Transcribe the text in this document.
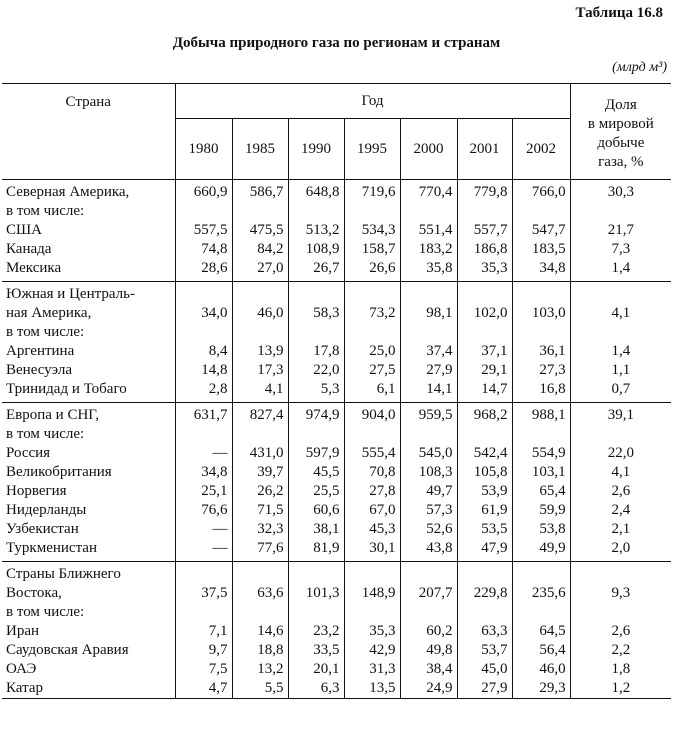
Таблица 16.8
Добыча природного газа по регионам и странам
(млрд м³)
Страна	Год							Доля
в мировой
добыче
газа, %

	1980	1985	1990	1995	2000	2001	2002	
Северная Америка,	660,9	586,7	648,8	719,6	770,4	779,8	766,0	30,3
в том числе:								
США	557,5	475,5	513,2	534,3	551,4	557,7	547,7	21,7
Канада	74,8	84,2	108,9	158,7	183,2	186,8	183,5	7,3
Мексика	28,6	27,0	26,7	26,6	35,8	35,3	34,8	1,4
Южная и Централь-								
ная Америка,	34,0	46,0	58,3	73,2	98,1	102,0	103,0	4,1
в том числе:								
Аргентина	8,4	13,9	17,8	25,0	37,4	37,1	36,1	1,4
Венесуэла	14,8	17,3	22,0	27,5	27,9	29,1	27,3	1,1
Тринидад и Тобаго	2,8	4,1	5,3	6,1	14,1	14,7	16,8	0,7
Европа и СНГ,	631,7	827,4	974,9	904,0	959,5	968,2	988,1	39,1
в том числе:								
Россия	—	431,0	597,9	555,4	545,0	542,4	554,9	22,0
Великобритания	34,8	39,7	45,5	70,8	108,3	105,8	103,1	4,1
Норвегия	25,1	26,2	25,5	27,8	49,7	53,9	65,4	2,6
Нидерланды	76,6	71,5	60,6	67,0	57,3	61,9	59,9	2,4
Узбекистан	—	32,3	38,1	45,3	52,6	53,5	53,8	2,1
Туркменистан	—	77,6	81,9	30,1	43,8	47,9	49,9	2,0
Страны Ближнего								
Востока,	37,5	63,6	101,3	148,9	207,7	229,8	235,6	9,3
в том числе:								
Иран	7,1	14,6	23,2	35,3	60,2	63,3	64,5	2,6
Саудовская Аравия	9,7	18,8	33,5	42,9	49,8	53,7	56,4	2,2
ОАЭ	7,5	13,2	20,1	31,3	38,4	45,0	46,0	1,8
Катар	4,7	5,5	6,3	13,5	24,9	27,9	29,3	1,2
